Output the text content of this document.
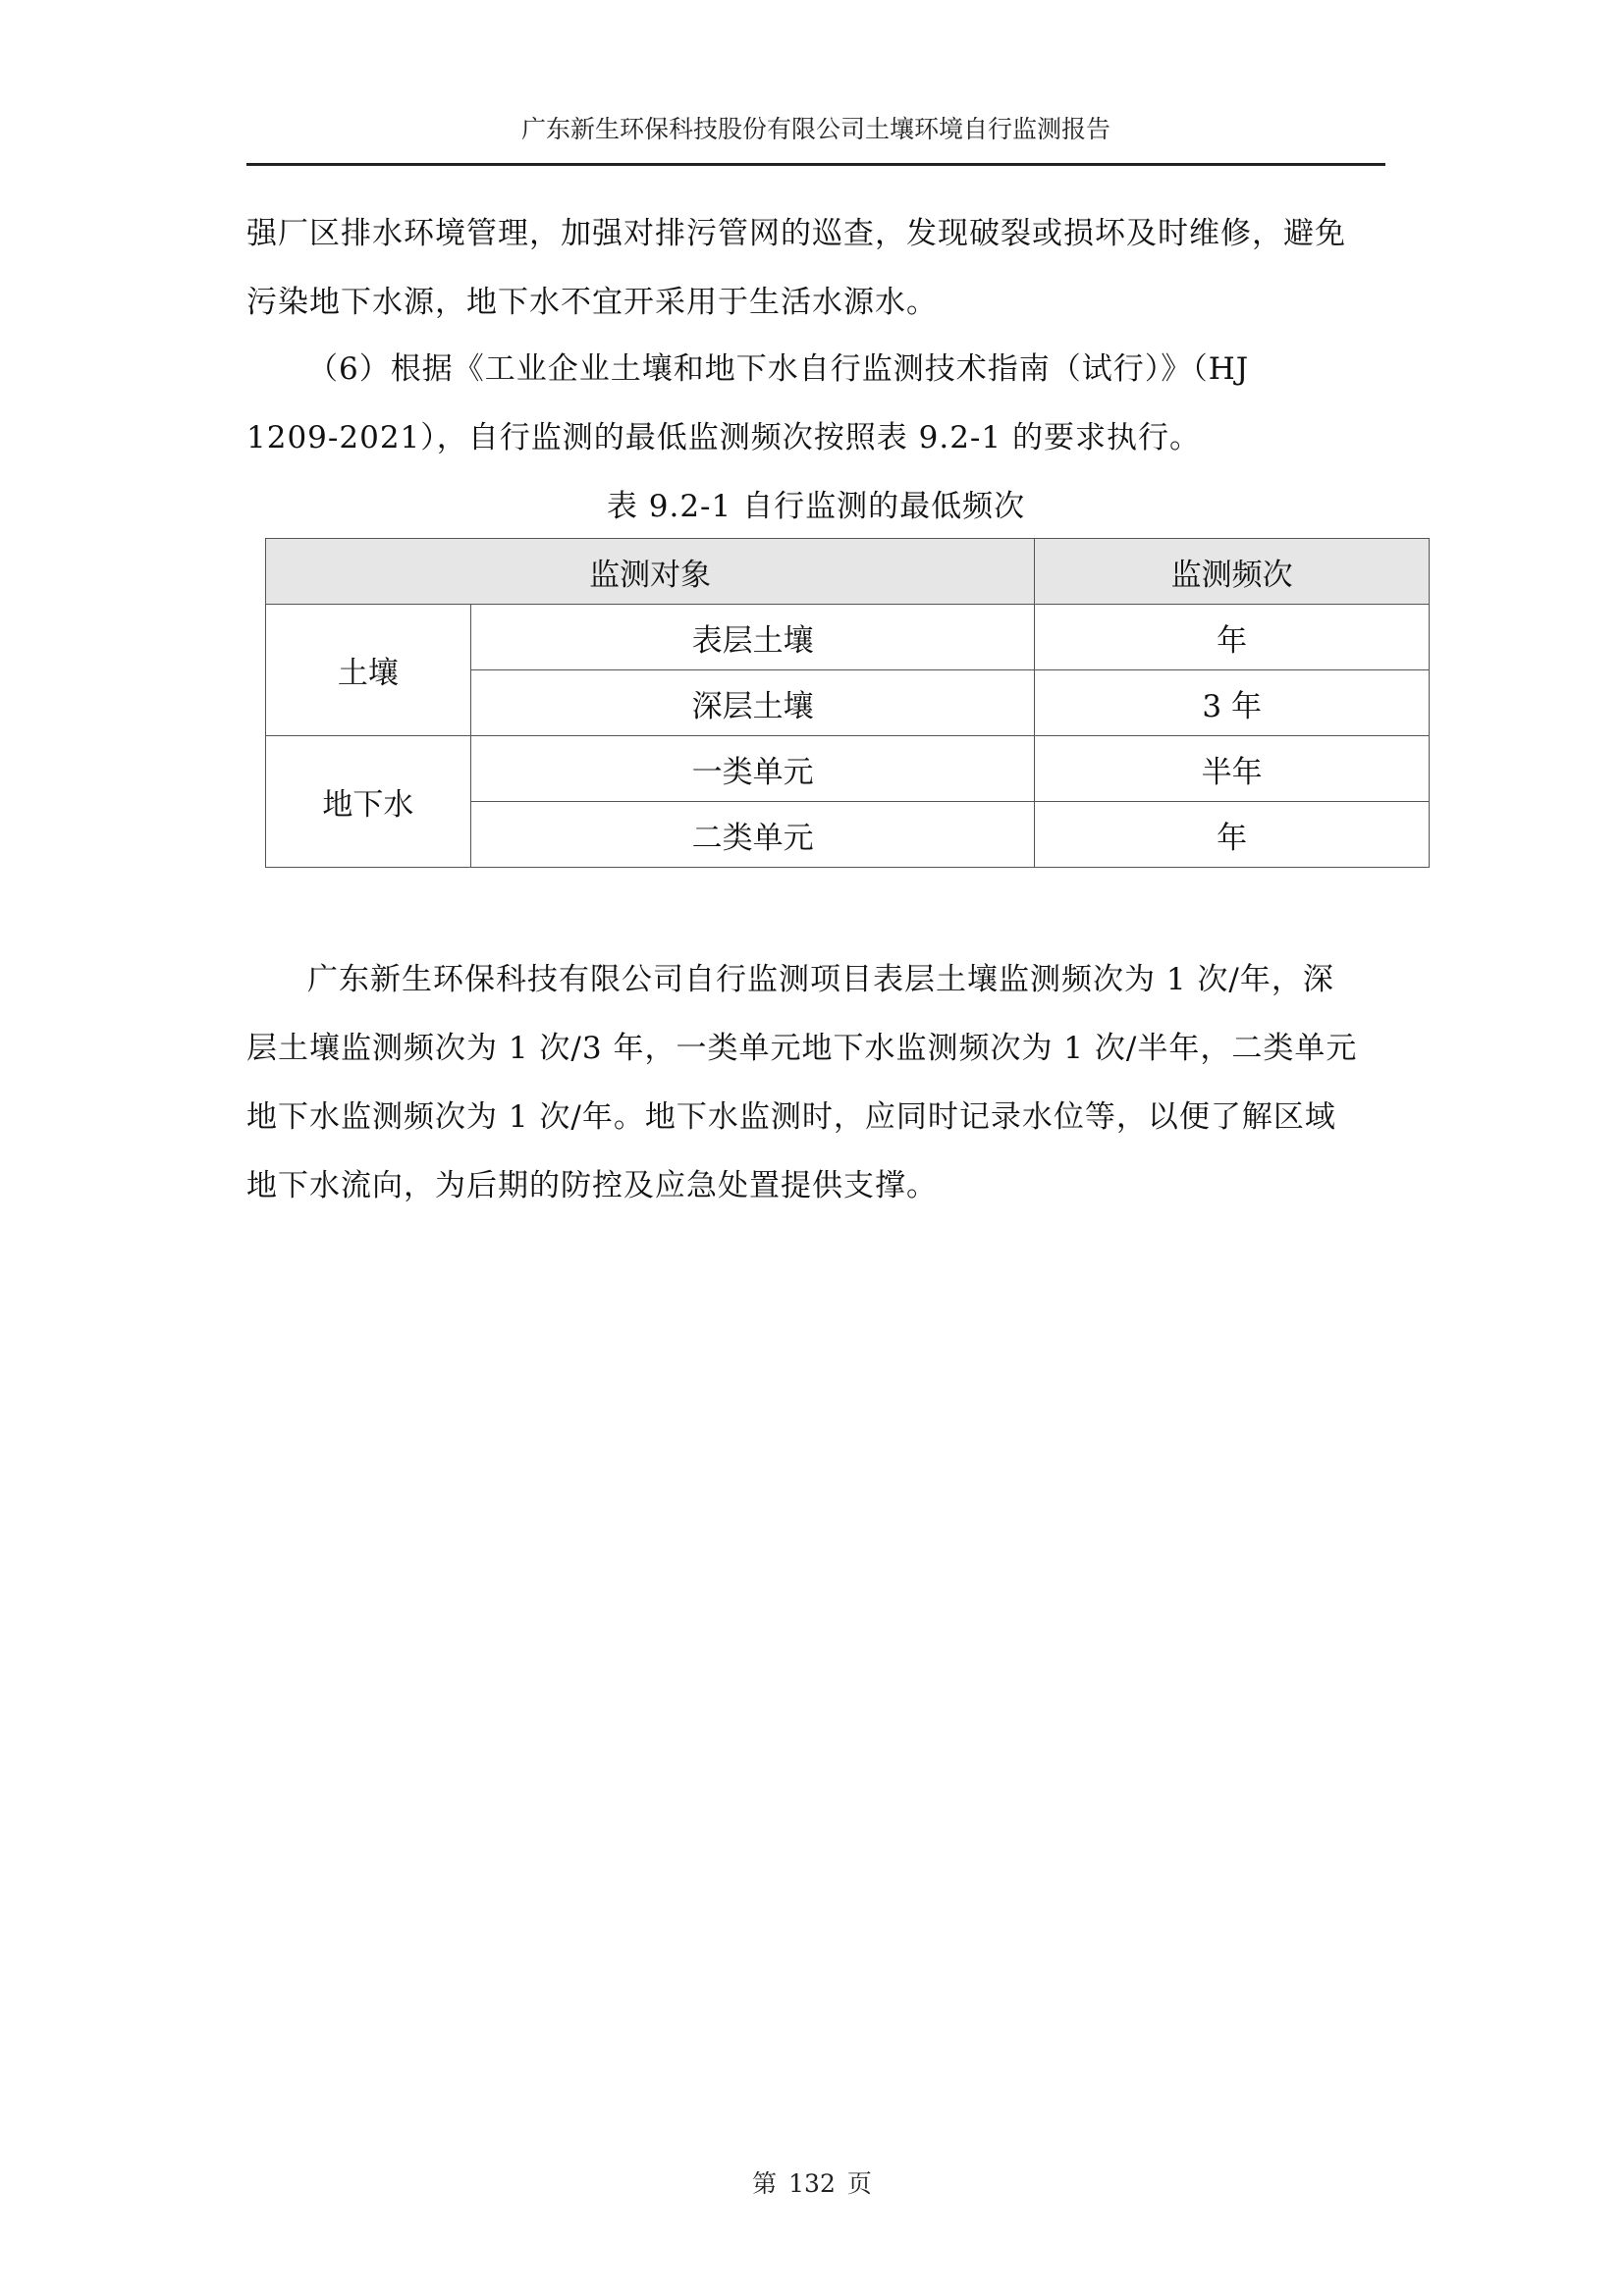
广东新生环保科技股份有限公司土壤环境自行监测报告
强厂区排水环境管理，加强对排污管网的巡查，发现破裂或损坏及时维修，避免
污染地下水源，地下水不宜开采用于生活水源水。
（6）根据《工业企业土壤和地下水自行监测技术指南（试行）》（HJ
1209-2021），自行监测的最低监测频次按照表 9.2-1 的要求执行。
表 9.2-1 自行监测的最低频次
监测对象		监测频次
土壤	表层土壤	年
	深层土壤	3 年
地下水	一类单元	半年
	二类单元	年
广东新生环保科技有限公司自行监测项目表层土壤监测频次为 1 次/年，深
层土壤监测频次为 1 次/3 年，一类单元地下水监测频次为 1 次/半年，二类单元
地下水监测频次为 1 次/年。地下水监测时，应同时记录水位等，以便了解区域
地下水流向，为后期的防控及应急处置提供支撑。
第 132 页
